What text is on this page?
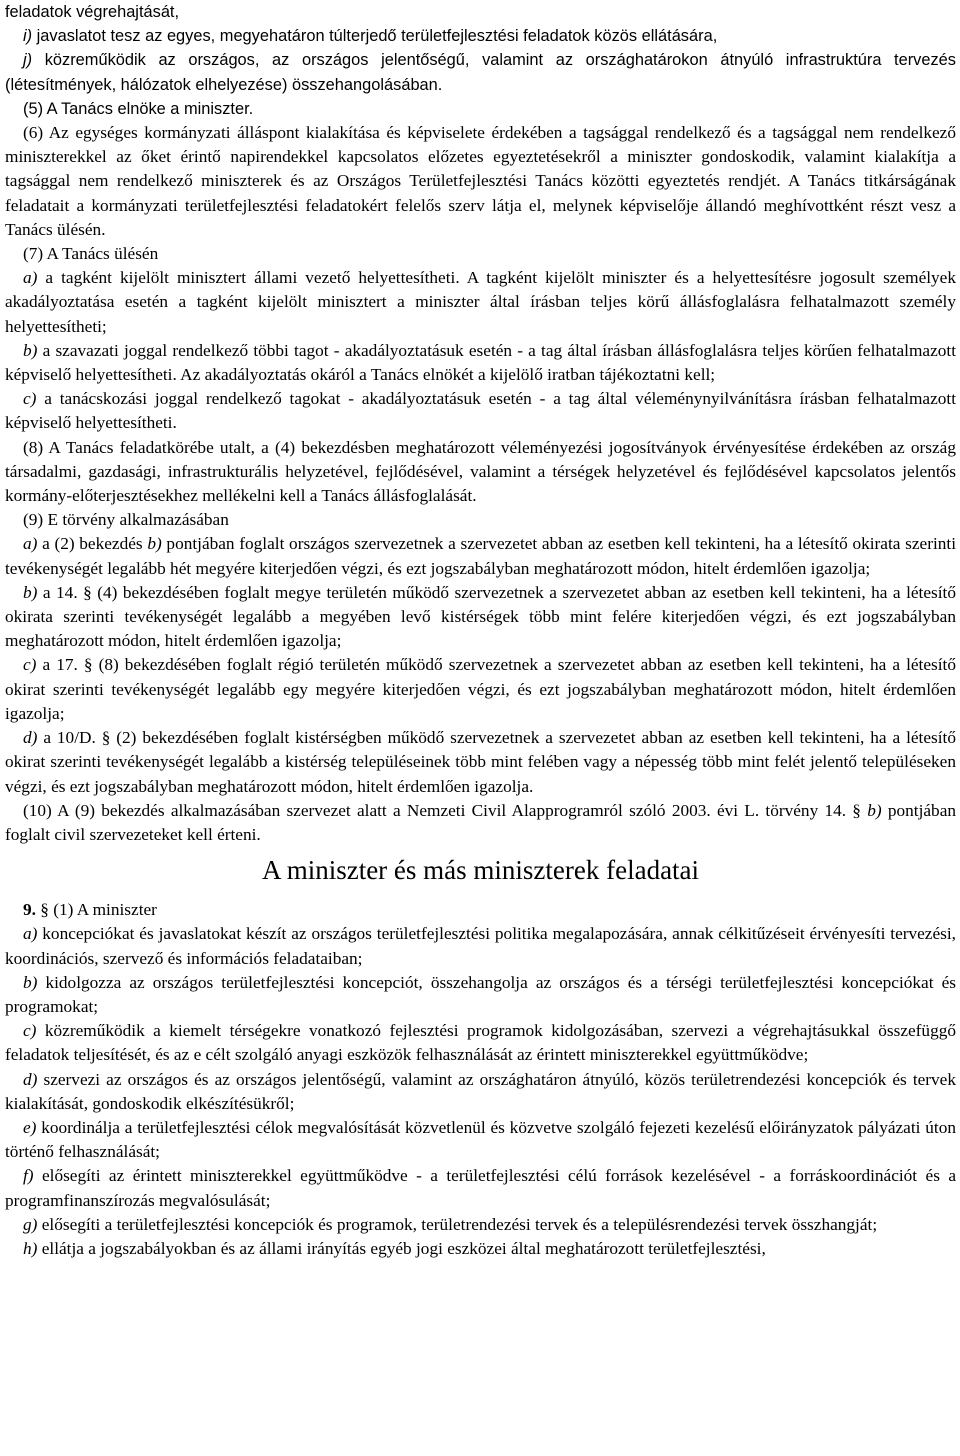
feladatok végrehajtását,

i) javaslatot tesz az egyes, megyehatáron túlterjedő területfejlesztési feladatok közös ellátására,

j) közreműködik az országos, az országos jelentőségű, valamint az országhatárokon átnyúló infrastruktúra tervezés (létesítmények, hálózatok elhelyezése) összehangolásában.

(5) A Tanács elnöke a miniszter.

(6) Az egységes kormányzati álláspont kialakítása és képviselete érdekében a tagsággal rendelkező és a tagsággal nem rendelkező miniszterekkel az őket érintő napirendekkel kapcsolatos előzetes egyeztetésekről a miniszter gondoskodik, valamint kialakítja a tagsággal nem rendelkező miniszterek és az Országos Területfejlesztési Tanács közötti egyeztetés rendjét. A Tanács titkárságának feladatait a kormányzati területfejlesztési feladatokért felelős szerv látja el, melynek képviselője állandó meghívottként részt vesz a Tanács ülésén.

(7) A Tanács ülésén

a) a tagként kijelölt minisztert állami vezető helyettesítheti. A tagként kijelölt miniszter és a helyettesítésre jogosult személyek akadályoztatása esetén a tagként kijelölt minisztert a miniszter által írásban teljes körű állásfoglalásra felhatalmazott személy helyettesítheti;

b) a szavazati joggal rendelkező többi tagot - akadályoztatásuk esetén - a tag által írásban állásfoglalásra teljes körűen felhatalmazott képviselő helyettesítheti. Az akadályoztatás okáról a Tanács elnökét a kijelölő iratban tájékoztatni kell;

c) a tanácskozási joggal rendelkező tagokat - akadályoztatásuk esetén - a tag által véleménynyilvánításra írásban felhatalmazott képviselő helyettesítheti.

(8) A Tanács feladatkörébe utalt, a (4) bekezdésben meghatározott véleményezési jogosítványok érvényesítése érdekében az ország társadalmi, gazdasági, infrastrukturális helyzetével, fejlődésével, valamint a térségek helyzetével és fejlődésével kapcsolatos jelentős kormány-előterjesztésekhez mellékelni kell a Tanács állásfoglalását.

(9) E törvény alkalmazásában

a) a (2) bekezdés b) pontjában foglalt országos szervezetnek a szervezetet abban az esetben kell tekinteni, ha a létesítő okirata szerinti tevékenységét legalább hét megyére kiterjedően végzi, és ezt jogszabályban meghatározott módon, hitelt érdemlően igazolja;

b) a 14. § (4) bekezdésében foglalt megye területén működő szervezetnek a szervezetet abban az esetben kell tekinteni, ha a létesítő okirata szerinti tevékenységét legalább a megyében levő kistérségek több mint felére kiterjedően végzi, és ezt jogszabályban meghatározott módon, hitelt érdemlően igazolja;

c) a 17. § (8) bekezdésében foglalt régió területén működő szervezetnek a szervezetet abban az esetben kell tekinteni, ha a létesítő okirat szerinti tevékenységét legalább egy megyére kiterjedően végzi, és ezt jogszabályban meghatározott módon, hitelt érdemlően igazolja;

d) a 10/D. § (2) bekezdésében foglalt kistérségben működő szervezetnek a szervezetet abban az esetben kell tekinteni, ha a létesítő okirat szerinti tevékenységét legalább a kistérség településeinek több mint felében vagy a népesség több mint felét jelentő településeken végzi, és ezt jogszabályban meghatározott módon, hitelt érdemlően igazolja.

(10) A (9) bekezdés alkalmazásában szervezet alatt a Nemzeti Civil Alapprogramról szóló 2003. évi L. törvény 14. § b) pontjában foglalt civil szervezeteket kell érteni.

A miniszter és más miniszterek feladatai

9. § (1) A miniszter

a) koncepciókat és javaslatokat készít az országos területfejlesztési politika megalapozására, annak célkitűzéseit érvényesíti tervezési, koordinációs, szervező és információs feladataiban;

b) kidolgozza az országos területfejlesztési koncepciót, összehangolja az országos és a térségi területfejlesztési koncepciókat és programokat;

c) közreműködik a kiemelt térségekre vonatkozó fejlesztési programok kidolgozásában, szervezi a végrehajtásukkal összefüggő feladatok teljesítését, és az e célt szolgáló anyagi eszközök felhasználását az érintett miniszterekkel együttműködve;

d) szervezi az országos és az országos jelentőségű, valamint az országhatáron átnyúló, közös területrendezési koncepciók és tervek kialakítását, gondoskodik elkészítésükről;

e) koordinálja a területfejlesztési célok megvalósítását közvetlenül és közvetve szolgáló fejezeti kezelésű előirányzatok pályázati úton történő felhasználását;

f) elősegíti az érintett miniszterekkel együttműködve - a területfejlesztési célú források kezelésével - a forráskoordinációt és a programfinanszírozás megvalósulását;

g) elősegíti a területfejlesztési koncepciók és programok, területrendezési tervek és a településrendezési tervek összhangját;

h) ellátja a jogszabályokban és az állami irányítás egyéb jogi eszközei által meghatározott területfejlesztési,
